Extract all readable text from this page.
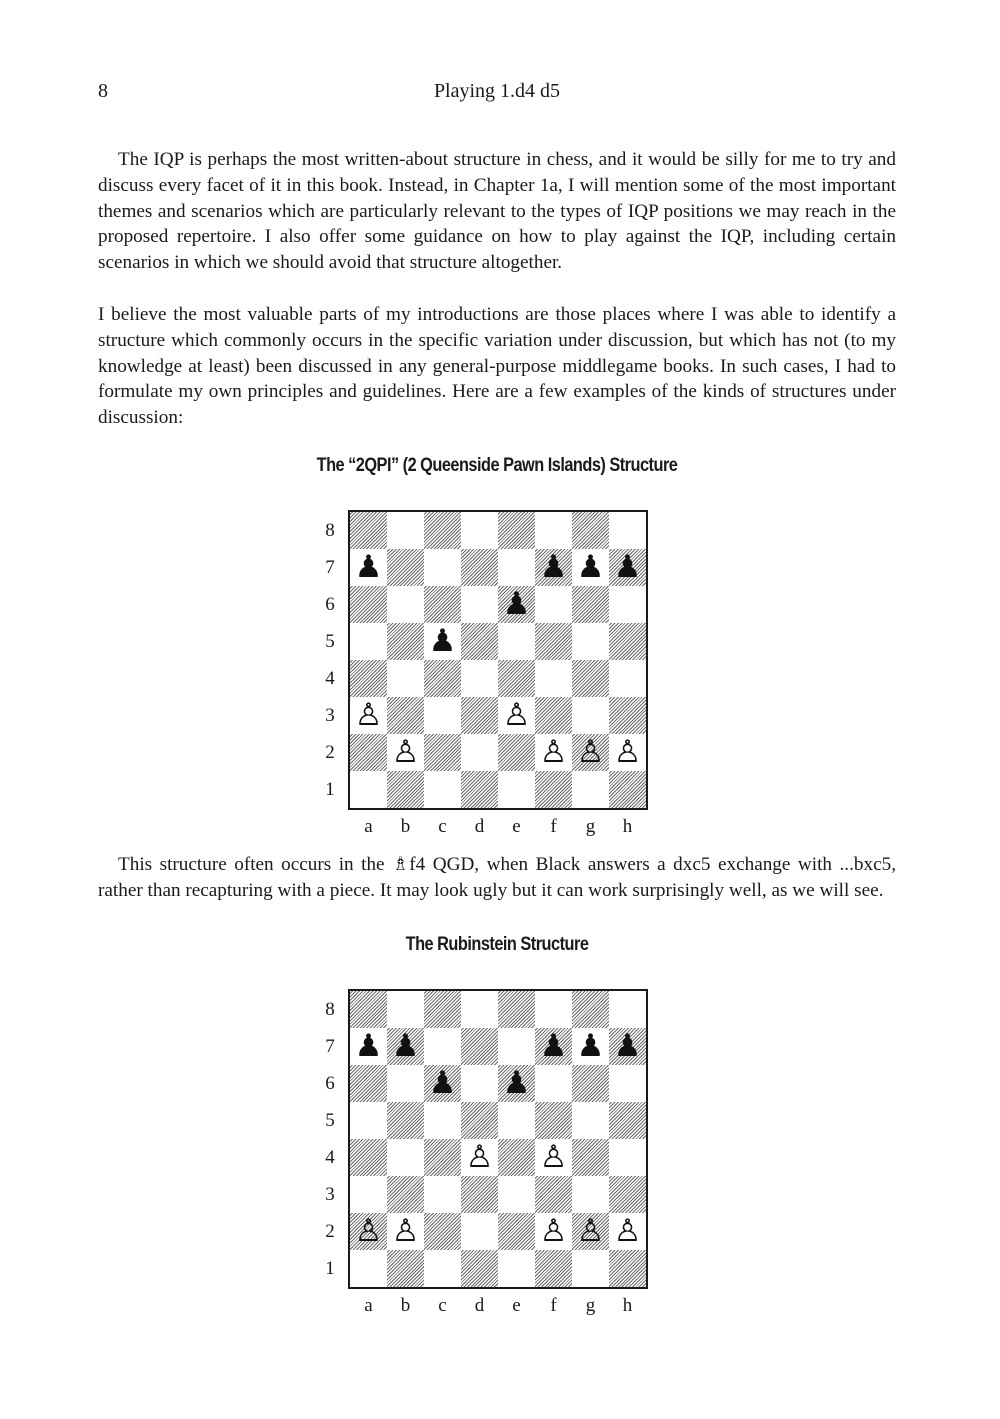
8	Playing 1.d4 d5

The IQP is perhaps the most written-about structure in chess, and it would be silly for me to try and discuss every facet of it in this book. Instead, in Chapter 1a, I will mention some of the most important themes and scenarios which are particularly relevant to the types of IQP positions we may reach in the proposed repertoire. I also offer some guidance on how to play against the IQP, including certain scenarios in which we should avoid that structure altogether.

I believe the most valuable parts of my introductions are those places where I was able to identify a structure which commonly occurs in the specific variation under discussion, but which has not (to my knowledge at least) been discussed in any general-purpose middlegame books. In such cases, I had to formulate my own principles and guidelines. Here are a few examples of the kinds of structures under discussion:

The “2QPI” (2 Queenside Pawn Islands) Structure
8
7
6
5
4
3
2
1
♟	♟ ♟ ♟
♟
♟
♙	♙
♙	♙ ♙ ♙
a	b	c	d	e	f	g	h

This structure often occurs in the ♗f4 QGD, when Black answers a dxc5 exchange with ...bxc5, rather than recapturing with a piece. It may look ugly but it can work surprisingly well, as we will see.

The Rubinstein Structure
8
7
6
5
4
3
2
1
♟ ♟	♟ ♟ ♟
♟ ♟
♙ ♙
♙ ♙	♙ ♙ ♙
a	b	c	d	e	f	g	h
